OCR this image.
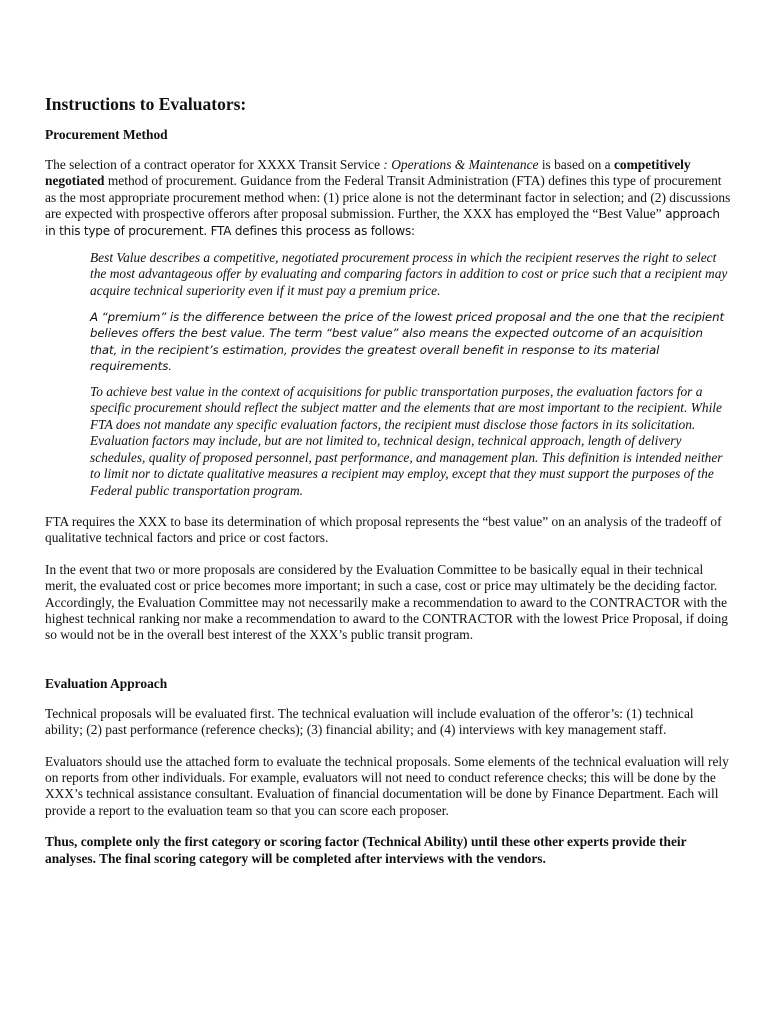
Instructions to Evaluators:
Procurement Method

The selection of a contract operator for XXXX Transit Service : Operations & Maintenance is based on a competitively negotiated method of procurement. Guidance from the Federal Transit Administration (FTA) defines this type of procurement as the most appropriate procurement method when: (1) price alone is not the determinant factor in selection; and (2) discussions are expected with prospective offerors after proposal submission. Further, the XXX has employed the “Best Value” approach in this type of procurement. FTA defines this process as follows:

Best Value describes a competitive, negotiated procurement process in which the recipient reserves the right to select the most advantageous offer by evaluating and comparing factors in addition to cost or price such that a recipient may acquire technical superiority even if it must pay a premium price.

A “premium” is the difference between the price of the lowest priced proposal and the one that the recipient believes offers the best value. The term “best value” also means the expected outcome of an acquisition that, in the recipient’s estimation, provides the greatest overall benefit in response to its material requirements.

To achieve best value in the context of acquisitions for public transportation purposes, the evaluation factors for a specific procurement should reflect the subject matter and the elements that are most important to the recipient. While FTA does not mandate any specific evaluation factors, the recipient must disclose those factors in its solicitation. Evaluation factors may include, but are not limited to, technical design, technical approach, length of delivery schedules, quality of proposed personnel, past performance, and management plan. This definition is intended neither to limit nor to dictate qualitative measures a recipient may employ, except that they must support the purposes of the Federal public transportation program.

FTA requires the XXX to base its determination of which proposal represents the “best value” on an analysis of the tradeoff of qualitative technical factors and price or cost factors.

In the event that two or more proposals are considered by the Evaluation Committee to be basically equal in their technical merit, the evaluated cost or price becomes more important; in such a case, cost or price may ultimately be the deciding factor. Accordingly, the Evaluation Committee may not necessarily make a recommendation to award to the CONTRACTOR with the highest technical ranking nor make a recommendation to award to the CONTRACTOR with the lowest Price Proposal, if doing so would not be in the overall best interest of the XXX’s public transit program.

Evaluation Approach

Technical proposals will be evaluated first. The technical evaluation will include evaluation of the offeror’s: (1) technical ability; (2) past performance (reference checks); (3) financial ability; and (4) interviews with key management staff.

Evaluators should use the attached form to evaluate the technical proposals. Some elements of the technical evaluation will rely on reports from other individuals. For example, evaluators will not need to conduct reference checks; this will be done by the XXX’s technical assistance consultant. Evaluation of financial documentation will be done by Finance Department. Each will provide a report to the evaluation team so that you can score each proposer.

Thus, complete only the first category or scoring factor (Technical Ability) until these other experts provide their analyses. The final scoring category will be completed after interviews with the vendors.
